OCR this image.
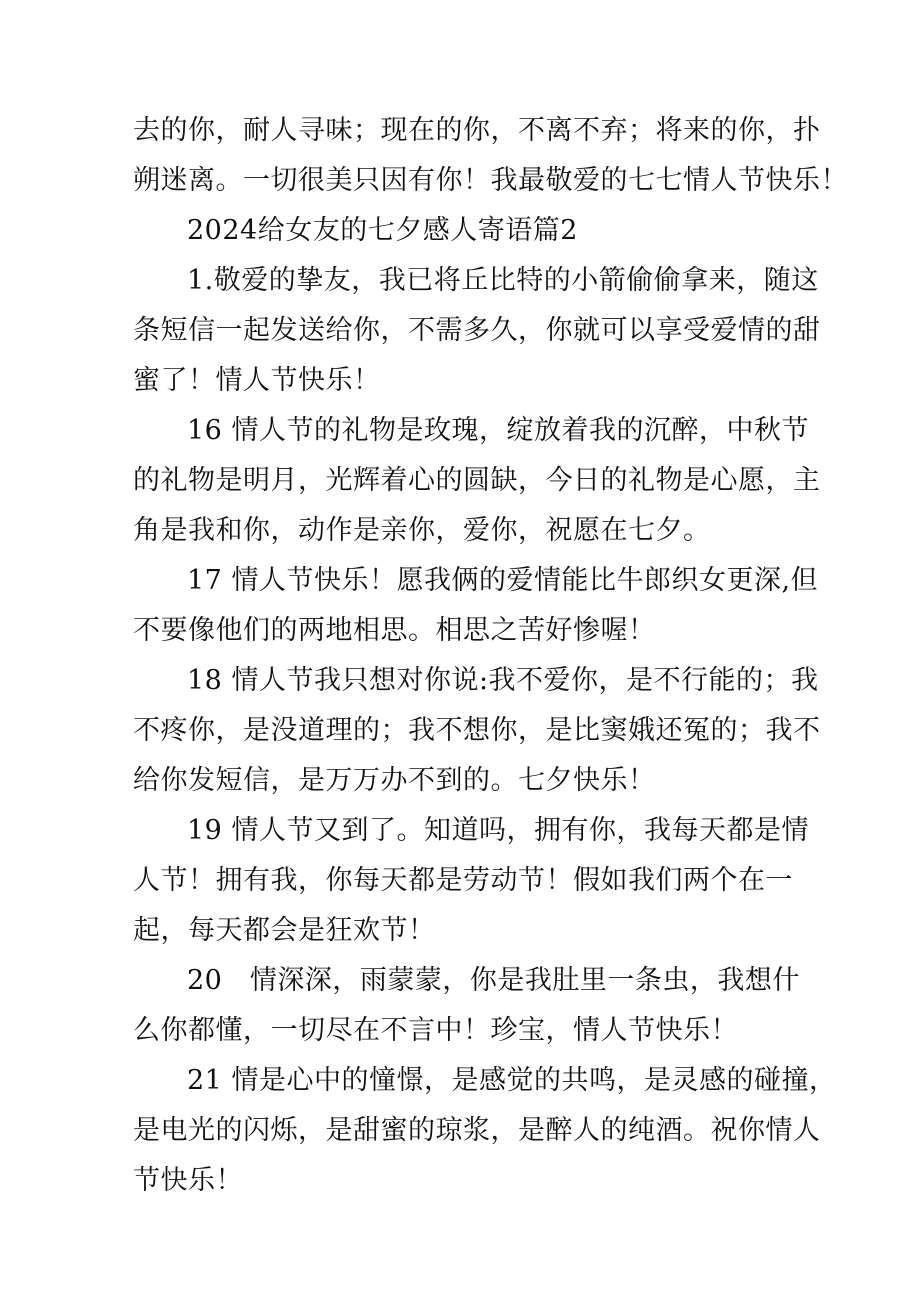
去的你，耐人寻味；现在的你，不离不弃；将来的你，扑
朔迷离。一切很美只因有你！我最敬爱的七七情人节快乐！
2024给女友的七夕感人寄语篇2
1.敬爱的挚友，我已将丘比特的小箭偷偷拿来，随这
条短信一起发送给你，不需多久，你就可以享受爱情的甜
蜜了！情人节快乐！
16 情人节的礼物是玫瑰，绽放着我的沉醉，中秋节
的礼物是明月，光辉着心的圆缺，今日的礼物是心愿，主
角是我和你，动作是亲你，爱你，祝愿在七夕。
17 情人节快乐！愿我俩的爱情能比牛郎织女更深,但
不要像他们的两地相思。相思之苦好惨喔！
18 情人节我只想对你说:我不爱你，是不行能的；我
不疼你，是没道理的；我不想你，是比窦娥还冤的；我不
给你发短信，是万万办不到的。七夕快乐！
19 情人节又到了。知道吗，拥有你，我每天都是情
人节！拥有我，你每天都是劳动节！假如我们两个在一
起，每天都会是狂欢节！
20　情深深，雨蒙蒙，你是我肚里一条虫，我想什
么你都懂，一切尽在不言中！珍宝，情人节快乐！
21 情是心中的憧憬，是感觉的共鸣，是灵感的碰撞，
是电光的闪烁，是甜蜜的琼浆，是醉人的纯酒。祝你情人
节快乐！
